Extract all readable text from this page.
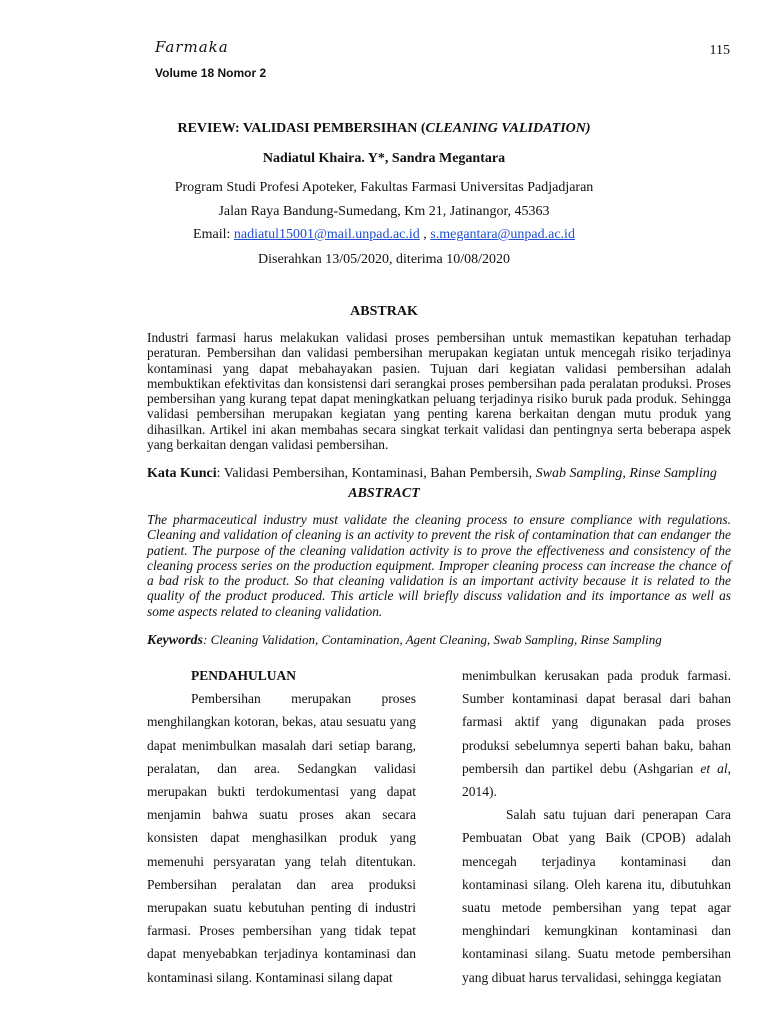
Farmaka
Volume 18 Nomor 2
115
REVIEW: VALIDASI PEMBERSIHAN (CLEANING VALIDATION)
Nadiatul Khaira. Y*, Sandra Megantara
Program Studi Profesi Apoteker, Fakultas Farmasi Universitas Padjadjaran
Jalan Raya Bandung-Sumedang, Km 21, Jatinangor, 45363
Email: nadiatul15001@mail.unpad.ac.id , s.megantara@unpad.ac.id
Diserahkan 13/05/2020, diterima 10/08/2020
ABSTRAK
Industri farmasi harus melakukan validasi proses pembersihan untuk memastikan kepatuhan terhadap peraturan. Pembersihan dan validasi pembersihan merupakan kegiatan untuk mencegah risiko terjadinya kontaminasi yang dapat mebahayakan pasien. Tujuan dari kegiatan validasi pembersihan adalah membuktikan efektivitas dan konsistensi dari serangkai proses pembersihan pada peralatan produksi. Proses pembersihan yang kurang tepat dapat meningkatkan peluang terjadinya risiko buruk pada produk. Sehingga validasi pembersihan merupakan kegiatan yang penting karena berkaitan dengan mutu produk yang dihasilkan. Artikel ini akan membahas secara singkat terkait validasi dan pentingnya serta beberapa aspek yang berkaitan dengan validasi pembersihan.
Kata Kunci: Validasi Pembersihan, Kontaminasi, Bahan Pembersih, Swab Sampling, Rinse Sampling
ABSTRACT
The pharmaceutical industry must validate the cleaning process to ensure compliance with regulations. Cleaning and validation of cleaning is an activity to prevent the risk of contamination that can endanger the patient. The purpose of the cleaning validation activity is to prove the effectiveness and consistency of the cleaning process series on the production equipment. Improper cleaning process can increase the chance of a bad risk to the product. So that cleaning validation is an important activity because it is related to the quality of the product produced. This article will briefly discuss validation and its importance as well as some aspects related to cleaning validation.
Keywords: Cleaning Validation, Contamination, Agent Cleaning, Swab Sampling, Rinse Sampling

PENDAHULUAN

Pembersihan merupakan proses menghilangkan kotoran, bekas, atau sesuatu yang dapat menimbulkan masalah dari setiap barang, peralatan, dan area. Sedangkan validasi merupakan bukti terdokumentasi yang dapat menjamin bahwa suatu proses akan secara konsisten dapat menghasilkan produk yang memenuhi persyaratan yang telah ditentukan. Pembersihan peralatan dan area produksi merupakan suatu kebutuhan penting di industri farmasi. Proses pembersihan yang tidak tepat dapat menyebabkan terjadinya kontaminasi dan kontaminasi silang. Kontaminasi silang dapat

menimbulkan kerusakan pada produk farmasi. Sumber kontaminasi dapat berasal dari bahan farmasi aktif yang digunakan pada proses produksi sebelumnya seperti bahan baku, bahan pembersih dan partikel debu (Ashgarian et al, 2014).

Salah satu tujuan dari penerapan Cara Pembuatan Obat yang Baik (CPOB) adalah mencegah terjadinya kontaminasi dan kontaminasi silang. Oleh karena itu, dibutuhkan suatu metode pembersihan yang tepat agar menghindari kemungkinan kontaminasi dan kontaminasi silang. Suatu metode pembersihan yang dibuat harus tervalidasi, sehingga kegiatan
